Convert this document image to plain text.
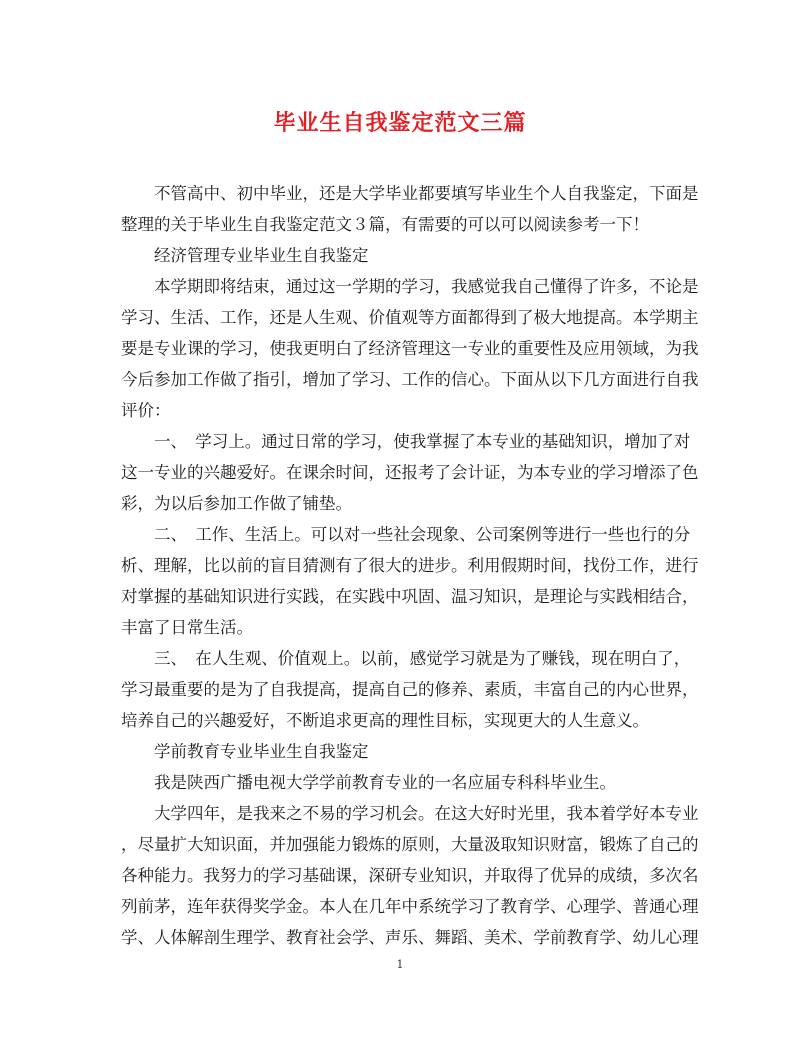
毕业生自我鉴定范文三篇
不管高中、初中毕业，还是大学毕业都要填写毕业生个人自我鉴定，下面是
整理的关于毕业生自我鉴定范文３篇，有需要的可以可以阅读参考一下！
经济管理专业毕业生自我鉴定
本学期即将结束，通过这一学期的学习，我感觉我自己懂得了许多，不论是
学习、生活、工作，还是人生观、价值观等方面都得到了极大地提高。本学期主
要是专业课的学习，使我更明白了经济管理这一专业的重要性及应用领域，为我
今后参加工作做了指引，增加了学习、工作的信心。下面从以下几方面进行自我
评价：
一、　学习上。通过日常的学习，使我掌握了本专业的基础知识，增加了对
这一专业的兴趣爱好。在课余时间，还报考了会计证，为本专业的学习增添了色
彩，为以后参加工作做了铺垫。
二、　工作、生活上。可以对一些社会现象、公司案例等进行一些也行的分
析、理解，比以前的盲目猜测有了很大的进步。利用假期时间，找份工作，进行
对掌握的基础知识进行实践，在实践中巩固、温习知识，是理论与实践相结合，
丰富了日常生活。
三、　在人生观、价值观上。以前，感觉学习就是为了赚钱，现在明白了，
学习最重要的是为了自我提高，提高自己的修养、素质，丰富自己的内心世界，
培养自己的兴趣爱好，不断追求更高的理性目标，实现更大的人生意义。
学前教育专业毕业生自我鉴定
我是陕西广播电视大学学前教育专业的一名应届专科科毕业生。
大学四年，是我来之不易的学习机会。在这大好时光里，我本着学好本专业
，尽量扩大知识面，并加强能力锻炼的原则，大量汲取知识财富，锻炼了自己的
各种能力。我努力的学习基础课，深研专业知识，并取得了优异的成绩，多次名
列前茅，连年获得奖学金。本人在几年中系统学习了教育学、心理学、普通心理
学、人体解剖生理学、教育社会学、声乐、舞蹈、美术、学前教育学、幼儿心理
1
